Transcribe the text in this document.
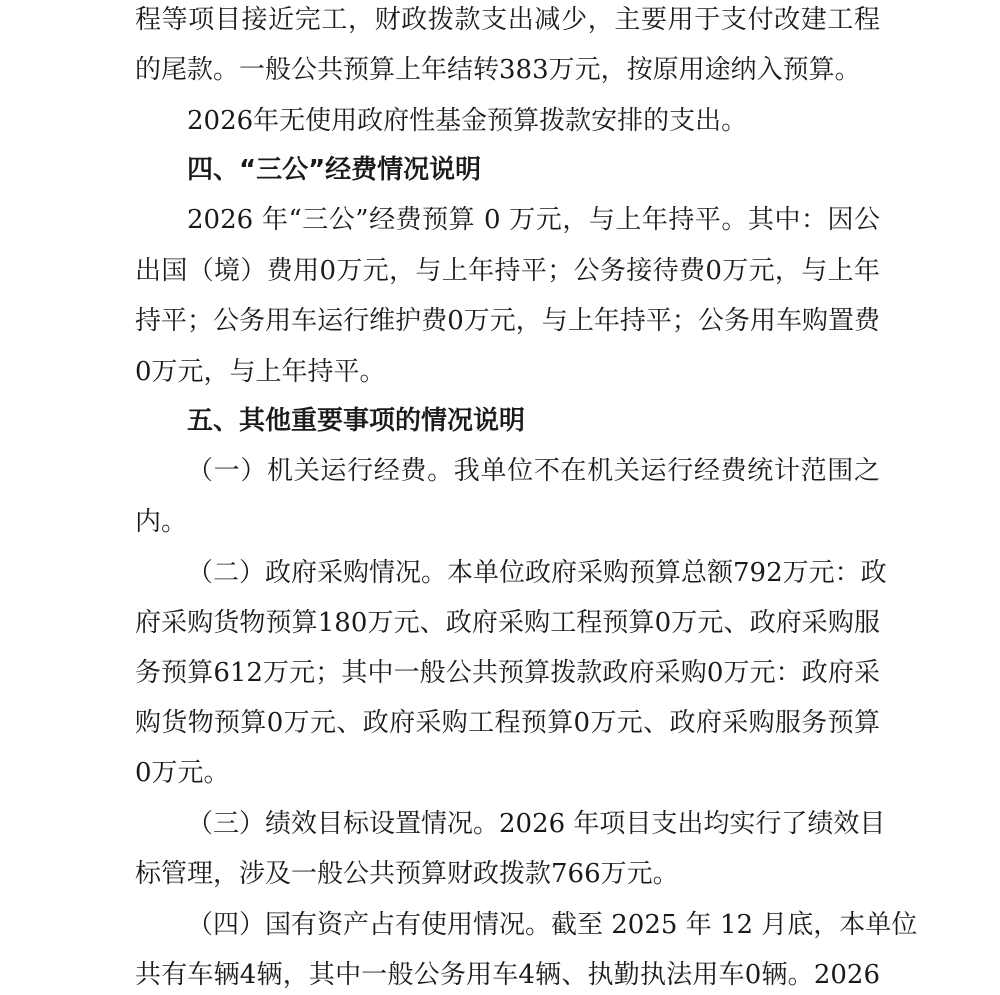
程等项目接近完工，财政拨款支出减少，主要用于支付改建工程
的尾款。一般公共预算上年结转383万元，按原用途纳入预算。
2026年无使用政府性基金预算拨款安排的支出。
四、“三公”经费情况说明
2026 年“三公”经费预算 0 万元，与上年持平。其中：因公
出国（境）费用0万元，与上年持平；公务接待费0万元，与上年
持平；公务用车运行维护费0万元，与上年持平；公务用车购置费
0万元，与上年持平。
五、其他重要事项的情况说明
（一）机关运行经费。我单位不在机关运行经费统计范围之
内。
（二）政府采购情况。本单位政府采购预算总额792万元：政
府采购货物预算180万元、政府采购工程预算0万元、政府采购服
务预算612万元；其中一般公共预算拨款政府采购0万元：政府采
购货物预算0万元、政府采购工程预算0万元、政府采购服务预算
0万元。
（三）绩效目标设置情况。2026 年项目支出均实行了绩效目
标管理，涉及一般公共预算财政拨款766万元。
（四）国有资产占有使用情况。截至 2025 年 12 月底，本单位
共有车辆4辆，其中一般公务用车4辆、执勤执法用车0辆。2026
